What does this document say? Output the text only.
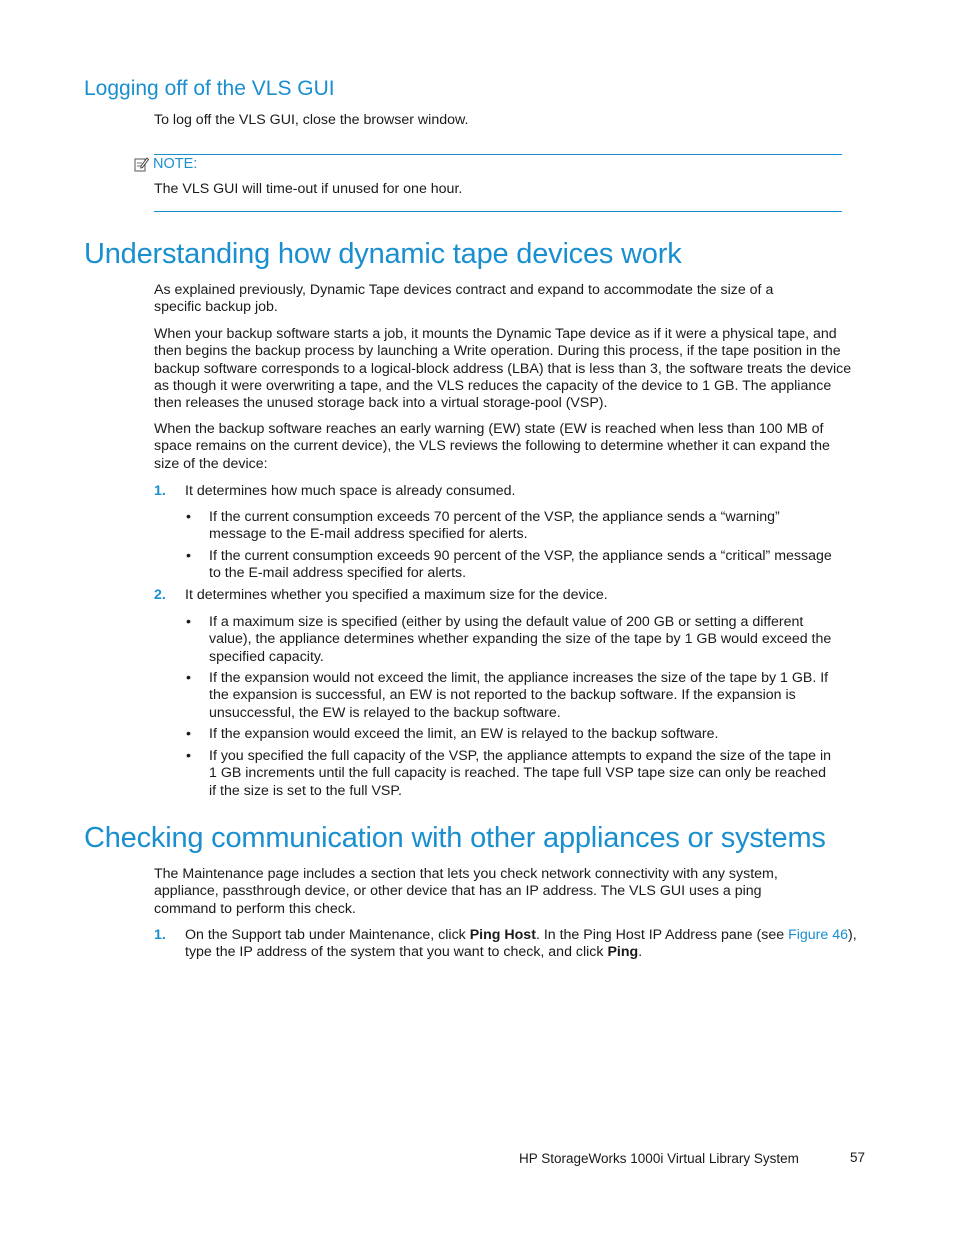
Logging off of the VLS GUI

To log off the VLS GUI, close the browser window.

NOTE:

The VLS GUI will time-out if unused for one hour.

Understanding how dynamic tape devices work

As explained previously, Dynamic Tape devices contract and expand to accommodate the size of a specific backup job.

When your backup software starts a job, it mounts the Dynamic Tape device as if it were a physical tape, and then begins the backup process by launching a Write operation. During this process, if the tape position in the backup software corresponds to a logical-block address (LBA) that is less than 3, the software treats the device as though it were overwriting a tape, and the VLS reduces the capacity of the device to 1 GB. The appliance then releases the unused storage back into a virtual storage-pool (VSP).

When the backup software reaches an early warning (EW) state (EW is reached when less than 100 MB of space remains on the current device), the VLS reviews the following to determine whether it can expand the size of the device:

1. It determines how much space is already consumed.

• If the current consumption exceeds 70 percent of the VSP, the appliance sends a “warning” message to the E-mail address specified for alerts.

• If the current consumption exceeds 90 percent of the VSP, the appliance sends a “critical” message to the E-mail address specified for alerts.

2. It determines whether you specified a maximum size for the device.

• If a maximum size is specified (either by using the default value of 200 GB or setting a different value), the appliance determines whether expanding the size of the tape by 1 GB would exceed the specified capacity.

• If the expansion would not exceed the limit, the appliance increases the size of the tape by 1 GB. If the expansion is successful, an EW is not reported to the backup software. If the expansion is unsuccessful, the EW is relayed to the backup software.

• If the expansion would exceed the limit, an EW is relayed to the backup software.

• If you specified the full capacity of the VSP, the appliance attempts to expand the size of the tape in 1 GB increments until the full capacity is reached. The tape full VSP tape size can only be reached if the size is set to the full VSP.

Checking communication with other appliances or systems

The Maintenance page includes a section that lets you check network connectivity with any system, appliance, passthrough device, or other device that has an IP address. The VLS GUI uses a ping command to perform this check.

1. On the Support tab under Maintenance, click Ping Host. In the Ping Host IP Address pane (see Figure 46), type the IP address of the system that you want to check, and click Ping.

HP StorageWorks 1000i Virtual Library System	57
